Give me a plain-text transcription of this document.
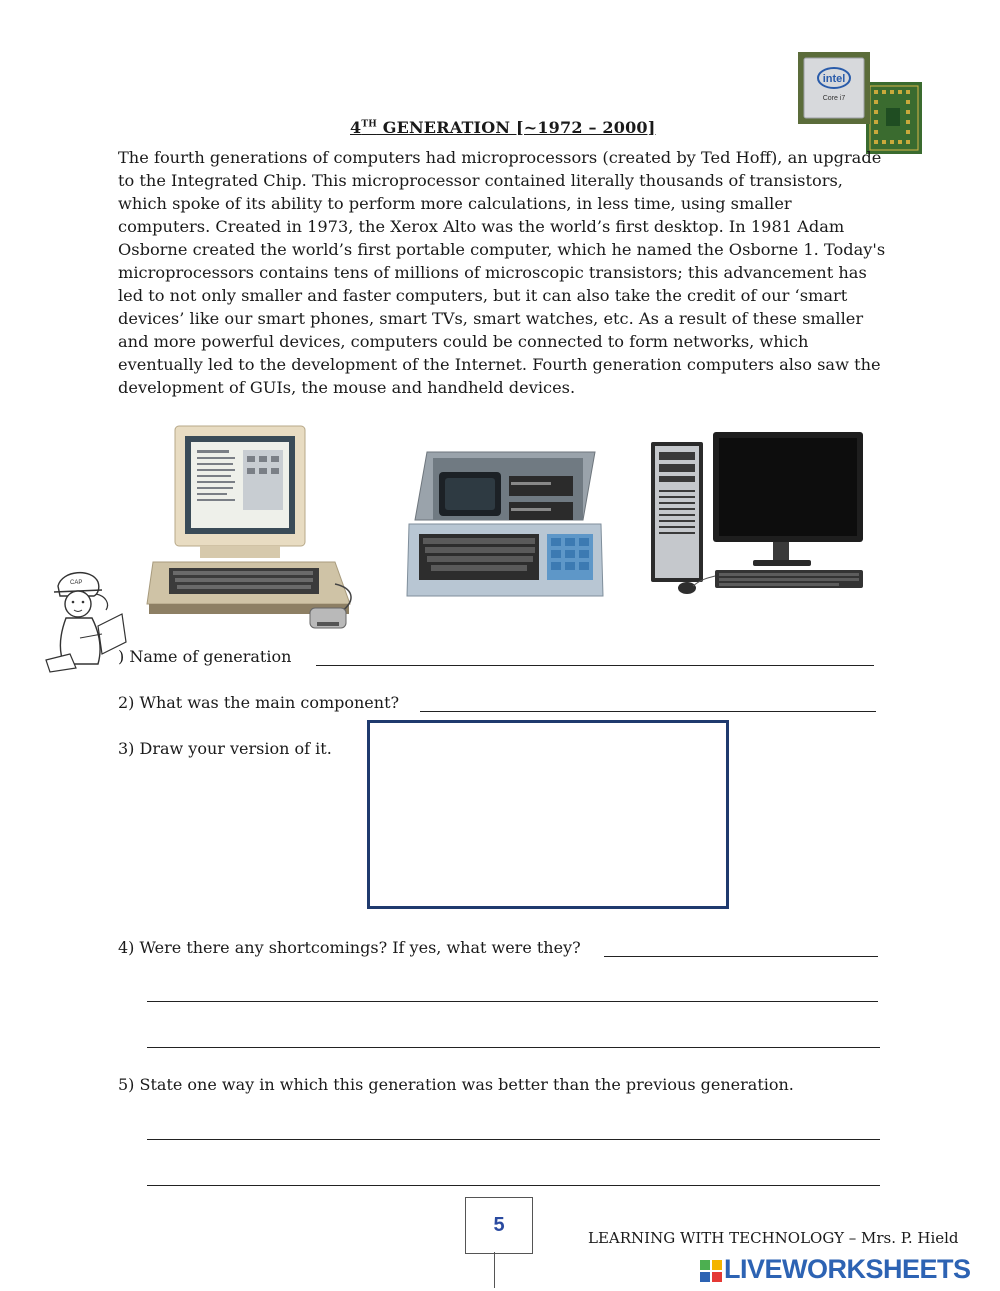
4TH GENERATION [~1972 – 2000]
intel
Core i7
The fourth generations of computers had microprocessors (created by Ted Hoff), an upgrade to the Integrated Chip. This microprocessor contained literally thousands of transistors, which spoke of its ability to perform more calculations, in less time, using smaller computers. Created in 1973, the Xerox Alto was the world’s first desktop. In 1981 Adam Osborne created the world’s first portable computer, which he named the Osborne 1. Today's microprocessors contains tens of millions of microscopic transistors; this advancement has led to not only smaller and faster computers, but it can also take the credit of our ‘smart devices’ like our smart phones, smart TVs, smart watches, etc. As a result of these smaller and more powerful devices, computers could be connected to form networks, which eventually led to the development of the Internet. Fourth generation computers also saw the development of GUIs, the mouse and handheld devices.
CAP
) Name of generation
2) What was the main component?
3) Draw your version of it.
4) Were there any shortcomings? If yes, what were they?
5) State one way in which this generation was better than the previous generation.
5
LEARNING WITH TECHNOLOGY – Mrs. P. Hield
LIVEWORKSHEETS
